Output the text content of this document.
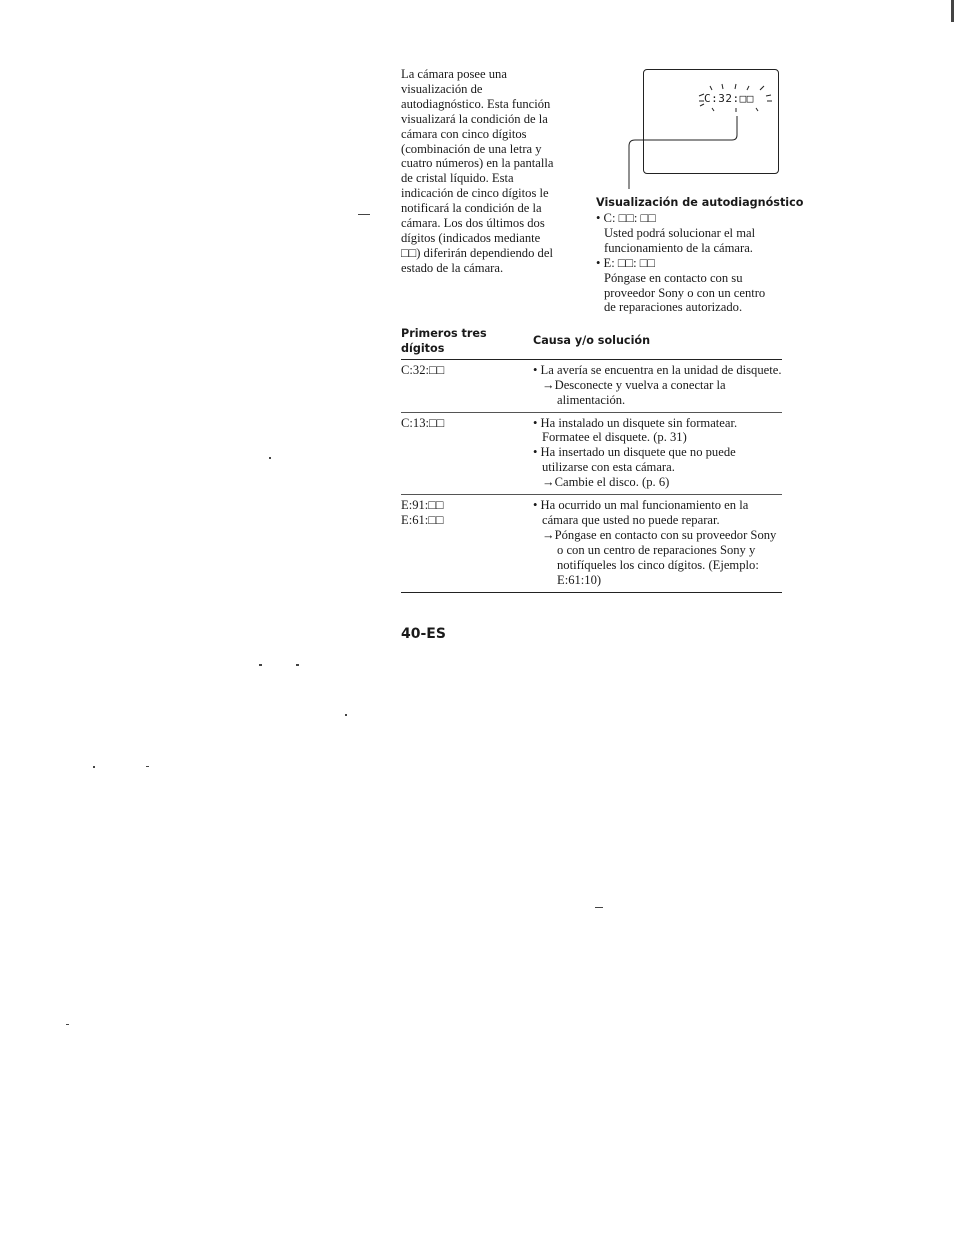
La cámara posee una
visualización de
autodiagnóstico. Esta función
visualizará la condición de la
cámara con cinco dígitos
(combinación de una letra y
cuatro números) en la pantalla
de cristal líquido. Esta
indicación de cinco dígitos le
notificará la condición de la
cámara. Los dos últimos dos
dígitos (indicados mediante
□□) diferirán dependiendo del
estado de la cámara.
C:32:□□
Visualización de autodiagnóstico
• C: □□: □□
Usted podrá solucionar el mal
funcionamiento de la cámara.
• E: □□: □□
Póngase en contacto con su
proveedor Sony o con un centro
de reparaciones autorizado.
Primeros tres dígitos	Causa y/o solución
C:32:□□	• La avería se encuentra en la unidad de disquete.
→Desconecte y vuelva a conectar la alimentación.

C:13:□□	• Ha instalado un disquete sin formatear. Formatee el disquete. (p. 31)
• Ha insertado un disquete que no puede utilizarse con esta cámara.
→Cambie el disco. (p. 6)

E:91:□□
E:61:□□	• Ha ocurrido un mal funcionamiento en la cámara que usted no puede reparar.
→Póngase en contacto con su proveedor Sony o con un centro de reparaciones Sony y notifíqueles los cinco dígitos. (Ejemplo: E:61:10)
40-ES
